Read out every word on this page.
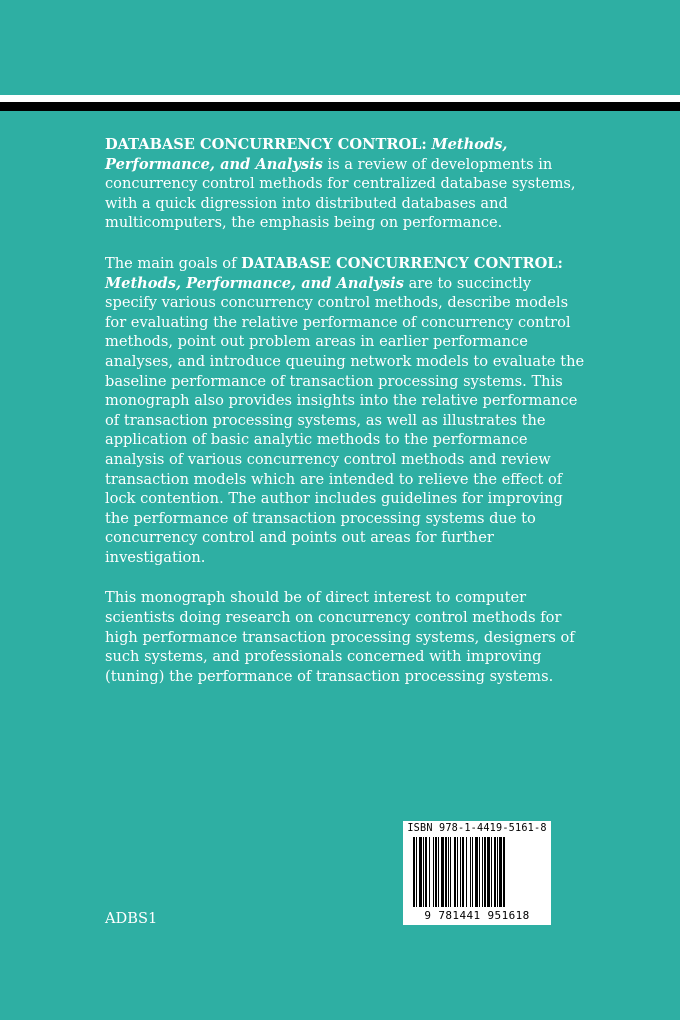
DATABASE CONCURRENCY CONTROL: Methods, Performance, and Analysis is a review of developments in concurrency control methods for centralized database systems, with a quick digression into distributed databases and multicomputers, the emphasis being on performance.

The main goals of DATABASE CONCURRENCY CONTROL: Methods, Performance, and Analysis are to succinctly specify various concurrency control methods, describe models for evaluating the relative performance of concurrency control methods, point out problem areas in earlier performance analyses, and introduce queuing network models to evaluate the baseline performance of transaction processing systems. This monograph also provides insights into the relative performance of transaction processing systems, as well as illustrates the application of basic analytic methods to the performance analysis of various concurrency control methods and review transaction models which are intended to relieve the effect of lock contention. The author includes guidelines for improving the performance of transaction processing systems due to concurrency control and points out areas for further investigation.

This monograph should be of direct interest to computer scientists doing research on concurrency control methods for high performance transaction processing systems, designers of such systems, and professionals concerned with improving (tuning) the performance of transaction processing systems.

ADBS1
ISBN 978-1-4419-5161-8
9 781441 951618
